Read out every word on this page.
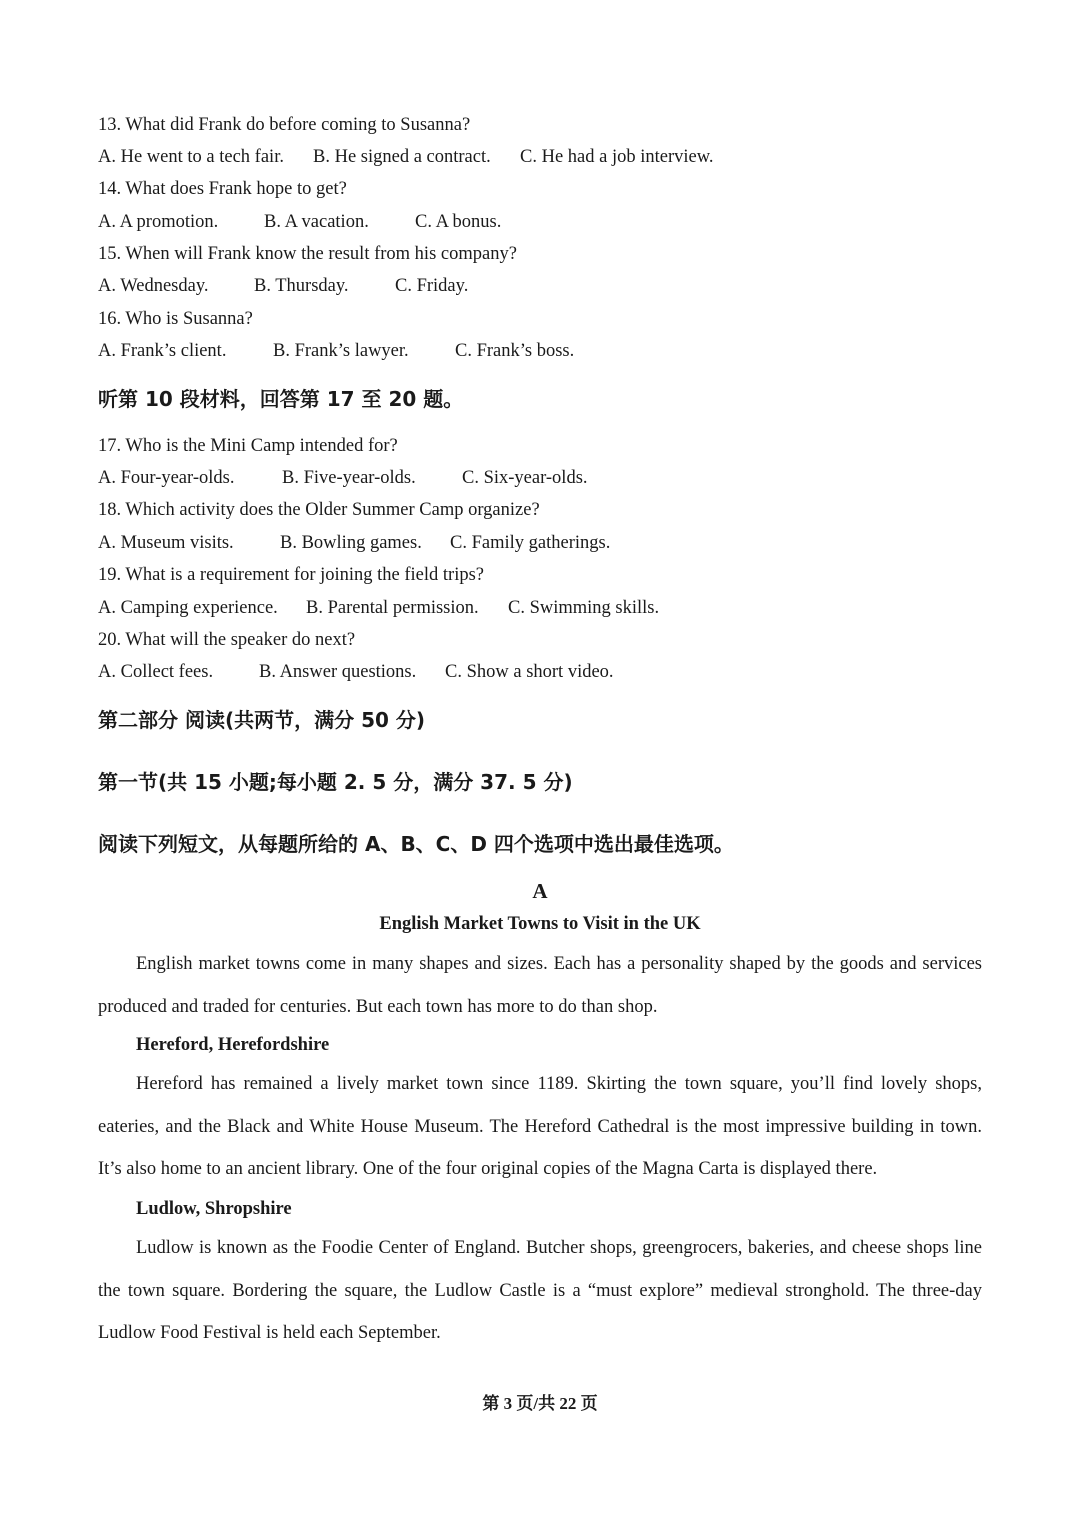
13. What did Frank do before coming to Susanna?
A. He went to a tech fair. B. He signed a contract. C. He had a job interview.
14. What does Frank hope to get?
A. A promotion. B. A vacation. C. A bonus.
15. When will Frank know the result from his company?
A. Wednesday. B. Thursday.	C. Friday.
16. Who is Susanna?
A. Frank’s client.	B. Frank’s lawyer.	C. Frank’s boss.
听第 10 段材料，回答第 17 至 20 题。
17. Who is the Mini Camp intended for?
A. Four-year-olds.	B. Five-year-olds.	C. Six-year-olds.
18. Which activity does the Older Summer Camp organize?
A. Museum visits.	B. Bowling games. C. Family gatherings.
19. What is a requirement for joining the field trips?
A. Camping experience. B. Parental permission. C. Swimming skills.
20. What will the speaker do next?
A. Collect fees. B. Answer questions. C. Show a short video.
第二部分 阅读(共两节，满分 50 分)
第一节(共 15 小题;每小题 2. 5 分，满分 37. 5 分)
阅读下列短文，从每题所给的 A、B、C、D 四个选项中选出最佳选项。
A
English Market Towns to Visit in the UK

English market towns come in many shapes and sizes. Each has a personality shaped by the goods and services produced and traded for centuries. But each town has more to do than shop.

Hereford, Herefordshire

Hereford has remained a lively market town since 1189. Skirting the town square, you’ll find lovely shops, eateries, and the Black and White House Museum. The Hereford Cathedral is the most impressive building in town. It’s also home to an ancient library. One of the four original copies of the Magna Carta is displayed there.

Ludlow, Shropshire

Ludlow is known as the Foodie Center of England. Butcher shops, greengrocers, bakeries, and cheese shops line the town square. Bordering the square, the Ludlow Castle is a “must explore” medieval stronghold. The three-day Ludlow Food Festival is held each September.

第 3 页/共 22 页
